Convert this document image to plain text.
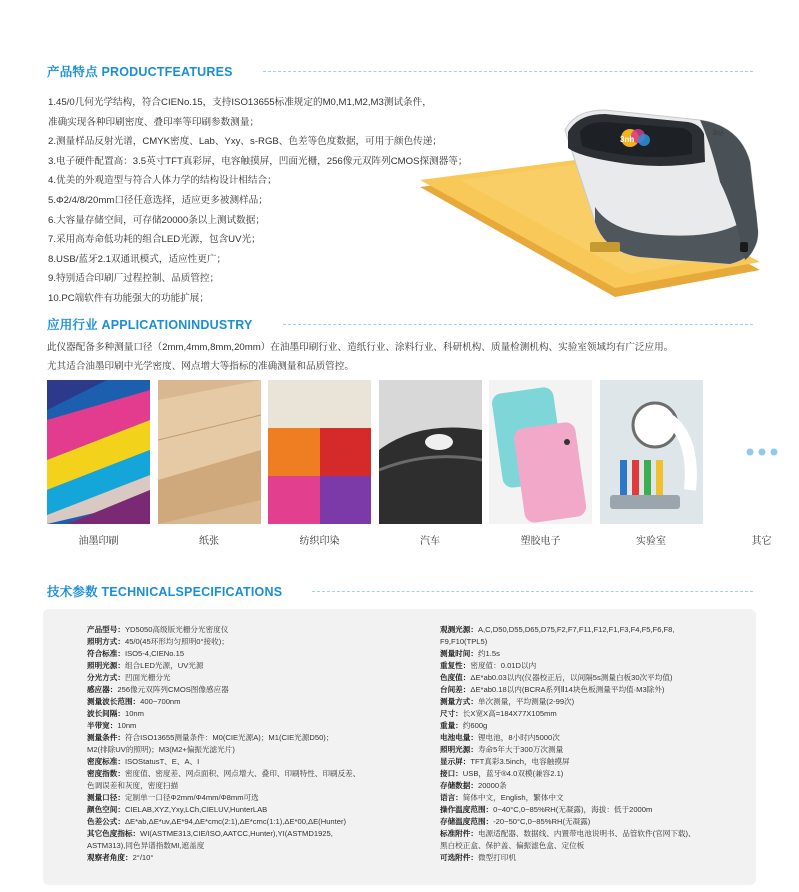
产品特点 PRODUCTFEATURES
1.45/0几何光学结构，符合CIENo.15，支持ISO13655标准规定的M0,M1,M2,M3测试条件，
准确实现各种印刷密度、叠印率等印刷参数测量；
2.测量样品反射光谱，CMYK密度、Lab、Yxy、s-RGB、色差等色度数据，可用于颜色传递；
3.电子硬件配置高：3.5英寸TFT真彩屏，电容触摸屏，凹面光栅，256像元双阵列CMOS探测器等；
4.优美的外观造型与符合人体力学的结构设计相结合；
5.Φ2/4/8/20mm口径任意选择，适应更多被测样品；
6.大容量存储空间，可存储20000条以上测试数据；
7.采用高寿命低功耗的组合LED光源，包含UV光；
8.USB/蓝牙2.1双通讯模式，适应性更广；
9.特别适合印刷厂过程控制、品质管控；
10.PC端软件有功能强大的功能扩展；
3nh
3nh
应用行业 APPLICATIONINDUSTRY

此仪器配备多种测量口径（2mm,4mm,8mm,20mm）在油墨印刷行业、造纸行业、涂料行业、科研机构、质量检测机构、实验室领域均有广泛应用。

尤其适合油墨印刷中光学密度、网点增大等指标的准确测量和品质管控。

油墨印刷	纸张	纺织印染	汽车	塑胶电子	实验室	其它
技术参数 TECHNICALSPECIFICATIONS
产品型号：YD5050高级版光栅分光密度仪
照明方式：45/0(45环形均匀照明0°接收)；
符合标准：ISO5-4,CIENo.15
照明光源：组合LED光源，UV光源
分光方式：凹面光栅分光
感应器：256像元双阵列CMOS图像感应器
测量波长范围：400~700nm
波长间隔：10nm
半带宽：10nm
测量条件：符合ISO13655测量条件：M0(CIE光源A)；M1(CIE光源D50)；
M2(排除UV的照明)；M3(M2+偏振光滤光片)
密度标准：ISOStatusT、E、A、I
密度指数：密度值、密度差、网点面积、网点增大、叠印、印刷特性、印刷反差、
色调误差和灰度，密度扫描
测量口径：定制单一口径Φ2mm/Φ4mm/Φ8mm可选
颜色空间：CIELAB,XYZ,Yxy,LCh,CIELUV,HunterLAB
色差公式：ΔE*ab,ΔE*uv,ΔE*94,ΔE*cmc(2:1),ΔE*cmc(1:1),ΔE*00,ΔE(Hunter)
其它色度指标：WI(ASTME313,CIE/ISO,AATCC,Hunter),YI(ASTMD1925,
ASTM313),同色异谱指数MI,遮盖度
观察者角度：2°/10°
观测光源：A,C,D50,D55,D65,D75,F2,F7,F11,F12,F1,F3,F4,F5,F6,F8,
F9,F10(TPL5)
测量时间：约1.5s
重复性：密度值：0.01D以内
色度值：ΔE*ab0.03以内(仪器校正后，以间隔5s测量白板30次平均值)
台间差：ΔE*ab0.18以内(BCRA系列Ⅱ14块色板测量平均值·M3除外)
测量方式：单次测量，平均测量(2-99次)
尺寸：长X宽X高=184X77X105mm
重量：约600g
电池电量：锂电池，8小时内5000次
照明光源：寿命5年大于300万次测量
显示屏：TFT真彩3.5inch，电容触摸屏
接口：USB，蓝牙®4.0双模(兼容2.1)
存储数据：20000条
语言：简体中文，English，繁体中文
操作温度范围：0~40°C,0~85%RH(无凝露)，海拔：低于2000m
存储温度范围：-20~50°C,0~85%RH(无凝露)
标准附件：电源适配器、数据线、内置带电池说明书、品管软件(官网下载)、
黑白校正盒、保护盖、偏振滤色盒、定位板
可选附件：微型打印机
